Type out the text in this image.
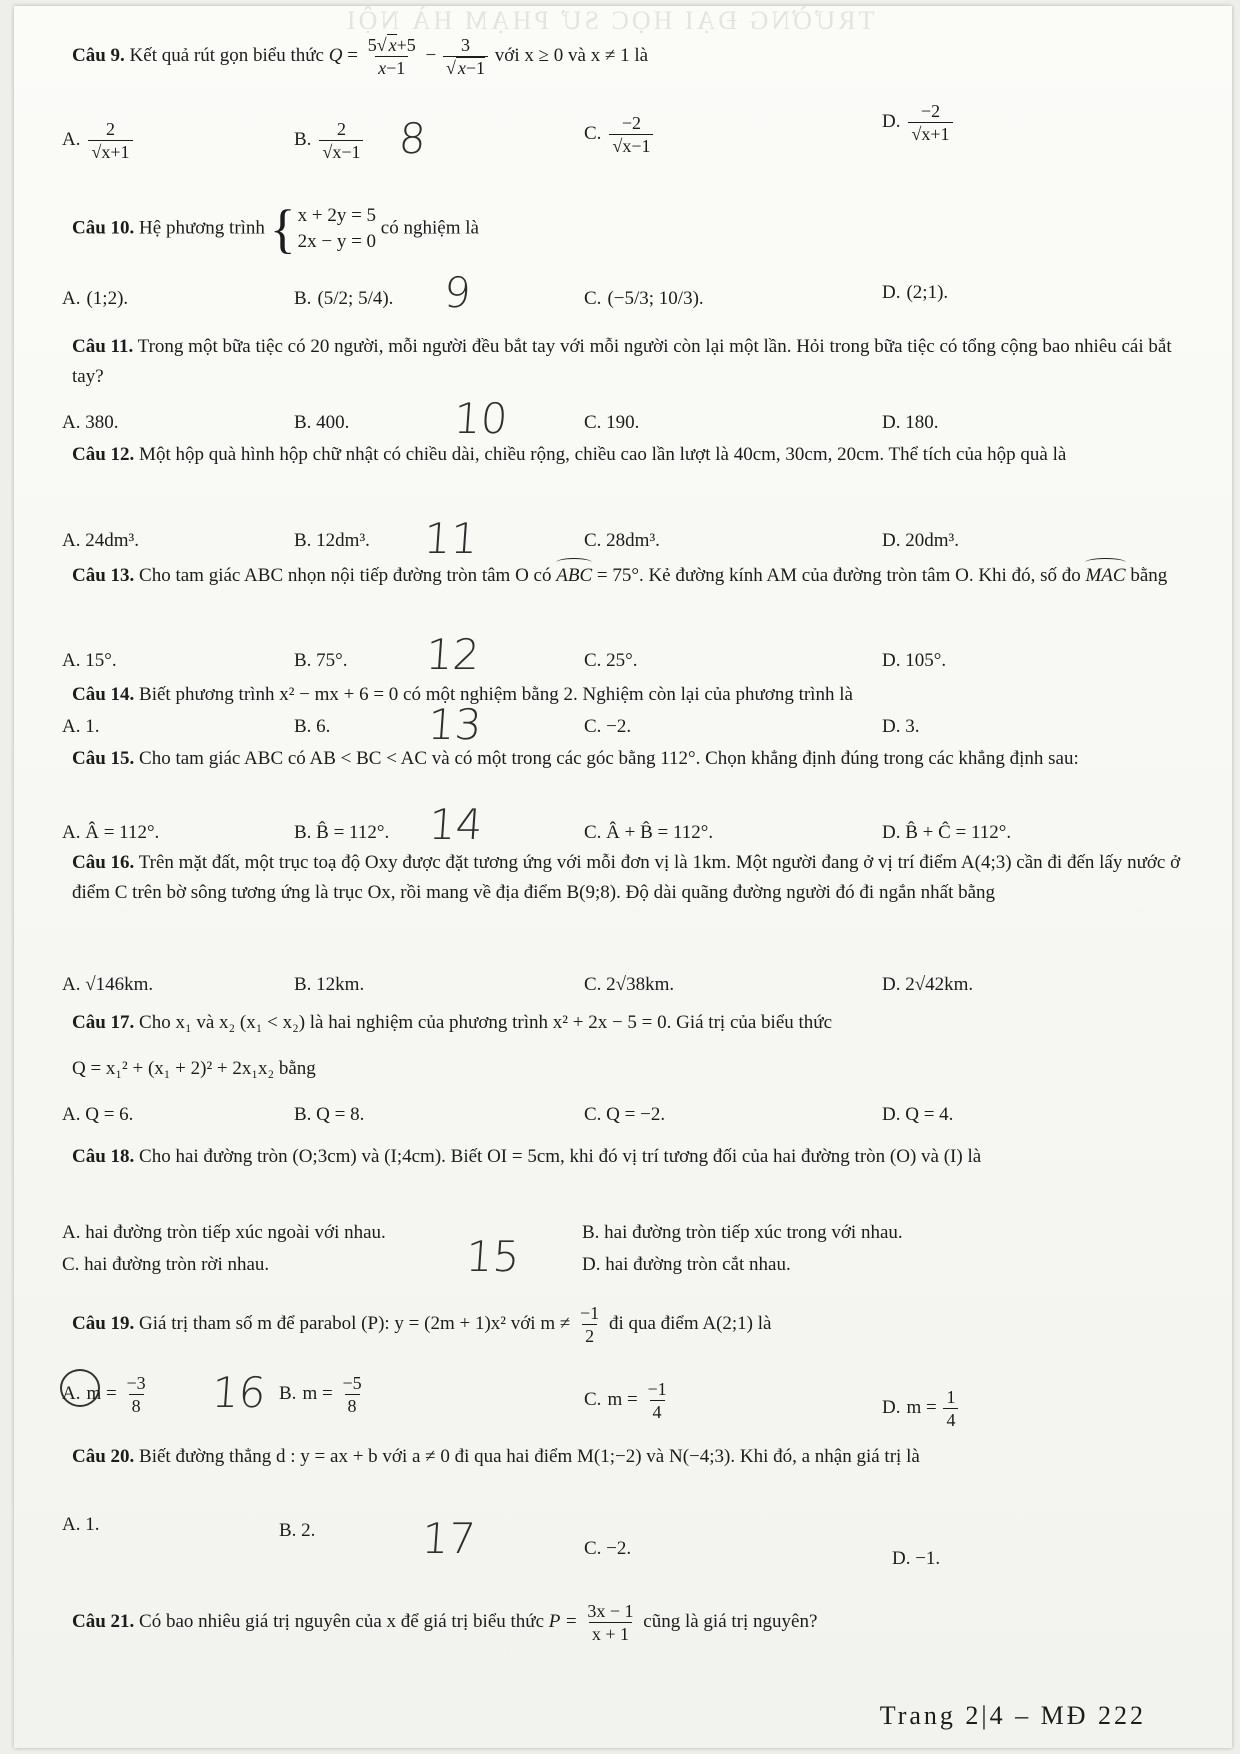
TRƯỜNG ĐẠI HỌC SƯ PHẠM HÀ NỘI
Câu 9. Kết quả rút gọn biểu thức $Q = \frac{5√ x+5}{x-1} - \frac{3}{√ x-1}$ với x ≥ 0 và x ≠ 1 là
A. $\frac{2}{√x+1}$	B. $\frac{2}{√x-1}$	C. $\frac{-2}{√x-1}$	D. $\frac{-2}{√x+1}$
8
Câu 10. Hệ phương trình { x + 2y = 5
2x − y = 0
có nghiệm là
A. (1;2).	B. (5/2; 5/4).	C. (−5/3; 10/3).	D. (2;1).
9
Câu 11. Trong một bữa tiệc có 20 người, mỗi người đều bắt tay với mỗi người còn lại một lần. Hỏi trong bữa tiệc có tổng cộng bao nhiêu cái bắt tay?
A. 380.	B. 400.	C. 190.	D. 180.
10
Câu 12. Một hộp quà hình hộp chữ nhật có chiều dài, chiều rộng, chiều cao lần lượt là 40cm, 30cm, 20cm. Thể tích của hộp quà là
A. 24dm³.	B. 12dm³.	C. 28dm³.	D. 20dm³.
11
Câu 13. Cho tam giác ABC nhọn nội tiếp đường tròn tâm O có ABC = 75°. Kẻ đường kính AM của đường tròn tâm O. Khi đó, số đo MAC bằng
A. 15°.	B. 75°.	C. 25°.	D. 105°.
12
Câu 14. Biết phương trình x² − mx + 6 = 0 có một nghiệm bằng 2. Nghiệm còn lại của phương trình là
A. 1.	B. 6.	C. −2.	D. 3.
13
Câu 15. Cho tam giác ABC có AB < BC < AC và có một trong các góc bằng 112°. Chọn khẳng định đúng trong các khẳng định sau:
A. Â = 112°.	B. B̂ = 112°.	C. Â + B̂ = 112°.	D. B̂ + Ĉ = 112°.
14
Câu 16. Trên mặt đất, một trục toạ độ Oxy được đặt tương ứng với mỗi đơn vị là 1km. Một người đang ở vị trí điểm A(4;3) cần đi đến lấy nước ở điểm C trên bờ sông tương ứng là trục Ox, rồi mang về địa điểm B(9;8). Độ dài quãng đường người đó đi ngắn nhất bằng
A. √146km.	B. 12km.	C. 2√38km.	D. 2√42km.
Câu 17. Cho x₁ và x₂ (x₁ < x₂) là hai nghiệm của phương trình x² + 2x − 5 = 0. Giá trị của biểu thức
Q = x₁² + (x₁ + 2)² + 2x₁x₂ bằng
A. Q = 6.	B. Q = 8.	C. Q = −2.	D. Q = 4.
Câu 18. Cho hai đường tròn (O;3cm) và (I;4cm). Biết OI = 5cm, khi đó vị trí tương đối của hai đường tròn (O) và (I) là
A. hai đường tròn tiếp xúc ngoài với nhau.	B. hai đường tròn tiếp xúc trong với nhau.
C. hai đường tròn rời nhau.	D. hai đường tròn cắt nhau.
15
Câu 19. Giá trị tham số m để parabol (P): y = (2m + 1)x² với $m \ne \frac{-1}{2}$ đi qua điểm A(2;1) là
A. $m = \frac{-3}{8}$	B. $m = \frac{-5}{8}$	C. $m = \frac{-1}{4}$	D. $m = \frac{1}{4}$
16
Câu 20. Biết đường thẳng d : y = ax + b với a ≠ 0 đi qua hai điểm M(1;−2) và N(−4;3). Khi đó, a nhận giá trị là
A. 1.	B. 2.
C. −2.	D. −1.
17
Câu 21. Có bao nhiêu giá trị nguyên của x để giá trị biểu thức $P = \frac{3x - 1}{x + 1}$ cũng là giá trị nguyên?
Trang 2|4 – MĐ 222
